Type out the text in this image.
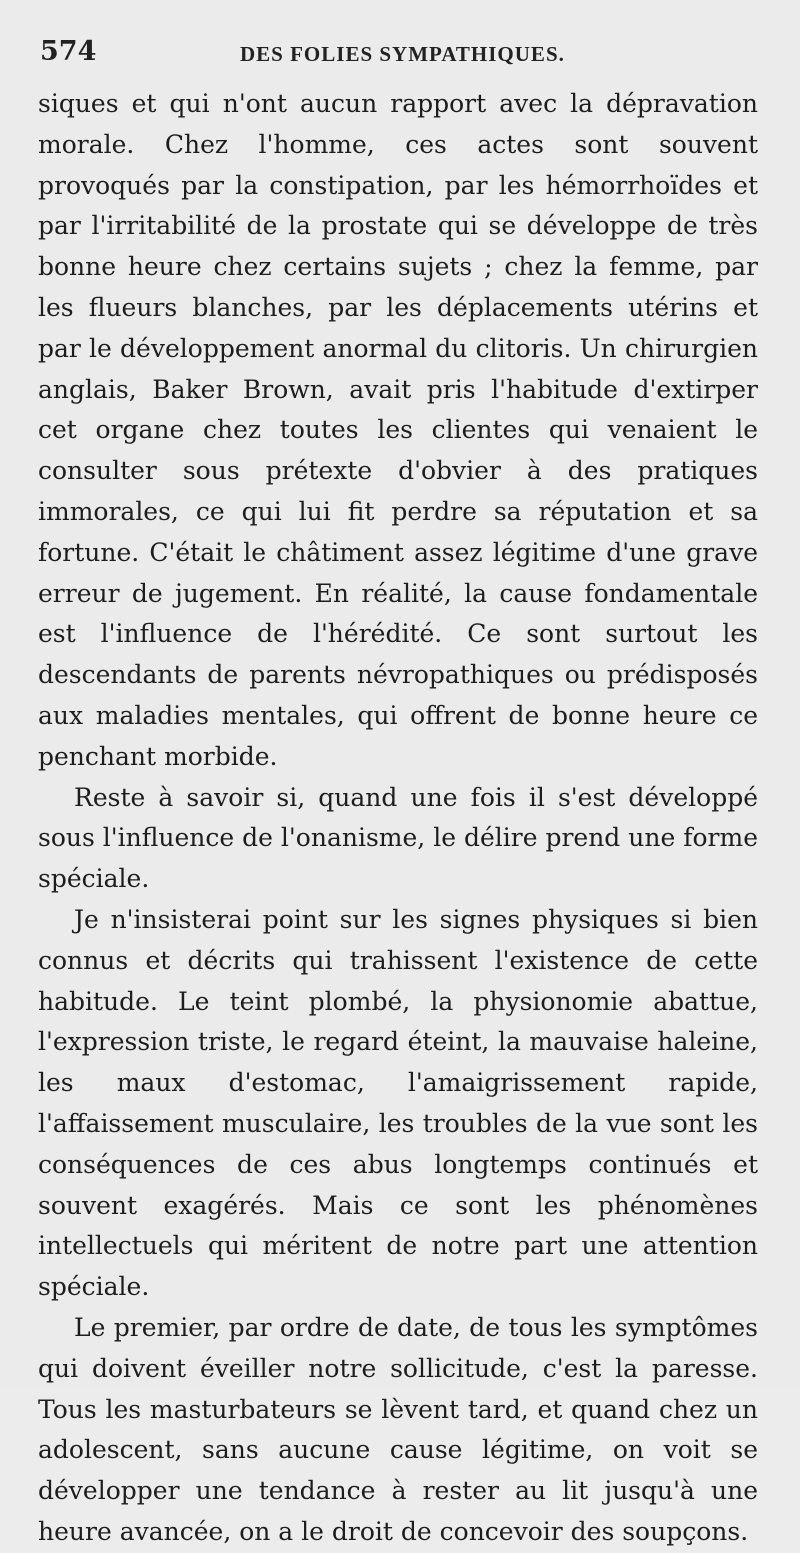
574	DES FOLIES SYMPATHIQUES.

siques et qui n'ont aucun rapport avec la dépravation morale. Chez l'homme, ces actes sont souvent provoqués par la constipation, par les hémorrhoïdes et par l'irritabilité de la prostate qui se développe de très bonne heure chez certains sujets ; chez la femme, par les flueurs blanches, par les déplacements utérins et par le développement anormal du clitoris. Un chirurgien anglais, Baker Brown, avait pris l'habitude d'extirper cet organe chez toutes les clientes qui venaient le consulter sous prétexte d'obvier à des pratiques immorales, ce qui lui fit perdre sa réputation et sa fortune. C'était le châtiment assez légitime d'une grave erreur de jugement. En réalité, la cause fondamentale est l'influence de l'hérédité. Ce sont surtout les descendants de parents névropathiques ou prédisposés aux maladies mentales, qui offrent de bonne heure ce penchant morbide.

Reste à savoir si, quand une fois il s'est développé sous l'influence de l'onanisme, le délire prend une forme spéciale.

Je n'insisterai point sur les signes physiques si bien connus et décrits qui trahissent l'existence de cette habitude. Le teint plombé, la physionomie abattue, l'expression triste, le regard éteint, la mauvaise haleine, les maux d'estomac, l'amaigrissement rapide, l'affaissement musculaire, les troubles de la vue sont les conséquences de ces abus longtemps continués et souvent exagérés. Mais ce sont les phénomènes intellectuels qui méritent de notre part une attention spéciale.

Le premier, par ordre de date, de tous les symptômes qui doivent éveiller notre sollicitude, c'est la paresse. Tous les masturbateurs se lèvent tard, et quand chez un adolescent, sans aucune cause légitime, on voit se développer une tendance à rester au lit jusqu'à une heure avancée, on a le droit de concevoir des soupçons.
